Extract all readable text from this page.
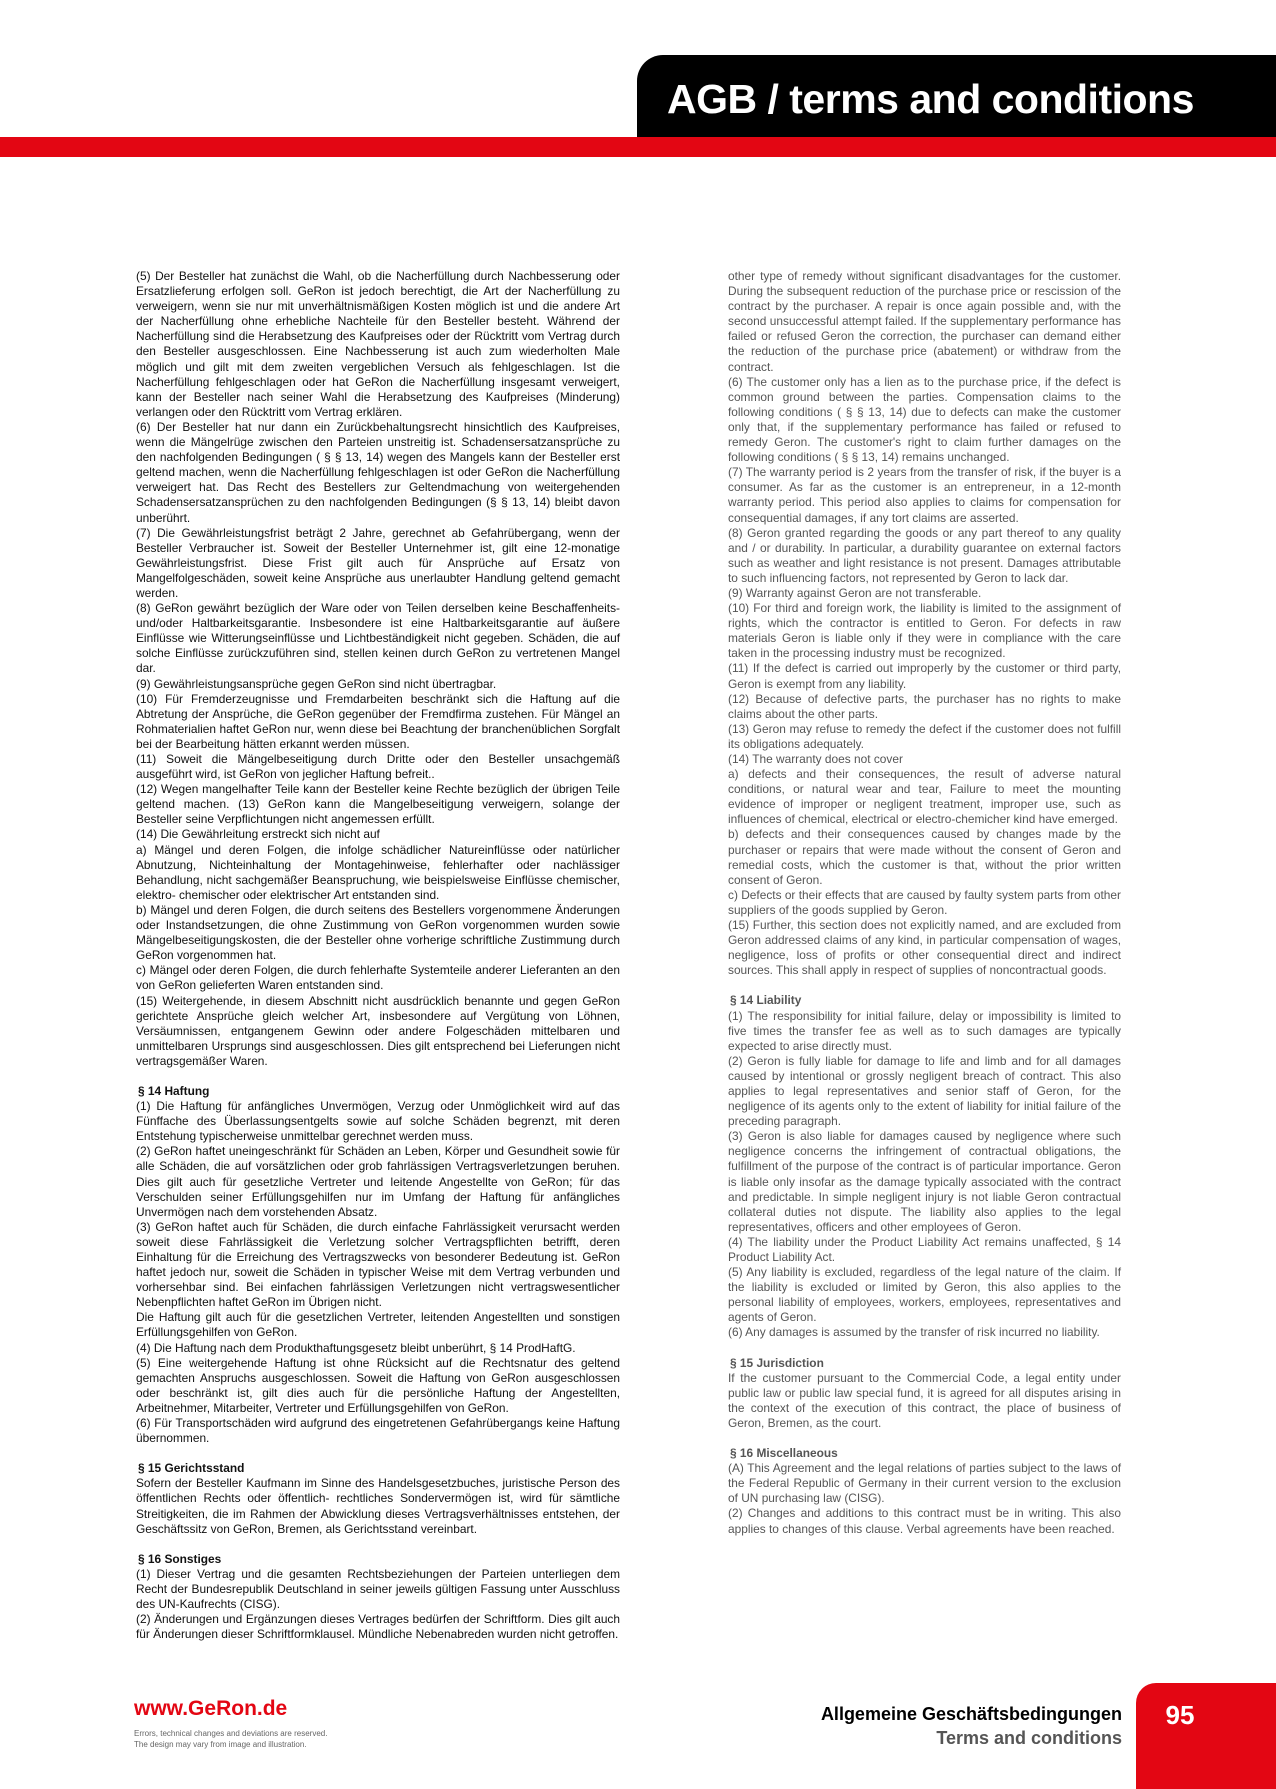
AGB / terms and conditions

(5) Der Besteller hat zunächst die Wahl, ob die Nacherfüllung durch Nachbesserung oder Ersatzlieferung erfolgen soll. GeRon ist jedoch berechtigt, die Art der Nacherfüllung zu verweigern, wenn sie nur mit unverhältnismäßigen Kosten möglich ist und die andere Art der Nacherfüllung ohne erhebliche Nachteile für den Besteller besteht. Während der Nacherfüllung sind die Herabsetzung des Kaufpreises oder der Rücktritt vom Vertrag durch den Besteller ausgeschlossen. Eine Nachbesserung ist auch zum wiederholten Male möglich und gilt mit dem zweiten vergeblichen Versuch als fehlgeschlagen. Ist die Nacherfüllung fehlgeschlagen oder hat GeRon die Nacherfüllung insgesamt verweigert, kann der Besteller nach seiner Wahl die Herabsetzung des Kaufpreises (Minderung) verlangen oder den Rücktritt vom Vertrag erklären.

(6) Der Besteller hat nur dann ein Zurückbehaltungsrecht hinsichtlich des Kaufpreises, wenn die Mängelrüge zwischen den Parteien unstreitig ist. Schadensersatzansprüche zu den nachfolgenden Bedingungen ( § § 13, 14) wegen des Mangels kann der Besteller erst geltend machen, wenn die Nacherfüllung fehlgeschlagen ist oder GeRon die Nacherfüllung verweigert hat. Das Recht des Bestellers zur Geltendmachung von weitergehenden Schadensersatzansprüchen zu den nachfolgenden Bedingungen (§ § 13, 14) bleibt davon unberührt.

(7) Die Gewährleistungsfrist beträgt 2 Jahre, gerechnet ab Gefahrübergang, wenn der Besteller Verbraucher ist. Soweit der Besteller Unternehmer ist, gilt eine 12-monatige Gewährleistungsfrist. Diese Frist gilt auch für Ansprüche auf Ersatz von Mangelfolgeschäden, soweit keine Ansprüche aus unerlaubter Handlung geltend gemacht werden.

(8) GeRon gewährt bezüglich der Ware oder von Teilen derselben keine Beschaffenheits- und/oder Haltbarkeitsgarantie. Insbesondere ist eine Haltbarkeitsgarantie auf äußere Einflüsse wie Witterungseinflüsse und Lichtbeständigkeit nicht gegeben. Schäden, die auf solche Einflüsse zurückzuführen sind, stellen keinen durch GeRon zu vertretenen Mangel dar.

(9) Gewährleistungsansprüche gegen GeRon sind nicht übertragbar.

(10) Für Fremderzeugnisse und Fremdarbeiten beschränkt sich die Haftung auf die Abtretung der Ansprüche, die GeRon gegenüber der Fremdfirma zustehen. Für Mängel an Rohmaterialien haftet GeRon nur, wenn diese bei Beachtung der branchenüblichen Sorgfalt bei der Bearbeitung hätten erkannt werden müssen.

(11) Soweit die Mängelbeseitigung durch Dritte oder den Besteller unsachgemäß ausgeführt wird, ist GeRon von jeglicher Haftung befreit..

(12) Wegen mangelhafter Teile kann der Besteller keine Rechte bezüglich der übrigen Teile geltend machen. (13) GeRon kann die Mangelbeseitigung verweigern, solange der Besteller seine Verpflichtungen nicht angemessen erfüllt.

(14) Die Gewährleitung erstreckt sich nicht auf

a) Mängel und deren Folgen, die infolge schädlicher Natureinflüsse oder natürlicher Abnutzung, Nichteinhaltung der Montagehinweise, fehlerhafter oder nachlässiger Behandlung, nicht sachgemäßer Beanspruchung, wie beispielsweise Einflüsse chemischer, elektro- chemischer oder elektrischer Art entstanden sind.

b) Mängel und deren Folgen, die durch seitens des Bestellers vorgenommene Änderungen oder Instandsetzungen, die ohne Zustimmung von GeRon vorgenommen wurden sowie Mängelbeseitigungskosten, die der Besteller ohne vorherige schriftliche Zustimmung durch GeRon vorgenommen hat.

c) Mängel oder deren Folgen, die durch fehlerhafte Systemteile anderer Lieferanten an den von GeRon gelieferten Waren entstanden sind.

(15) Weitergehende, in diesem Abschnitt nicht ausdrücklich benannte und gegen GeRon gerichtete Ansprüche gleich welcher Art, insbesondere auf Vergütung von Löhnen, Versäumnissen, entgangenem Gewinn oder andere Folgeschäden mittelbaren und unmittelbaren Ursprungs sind ausgeschlossen. Dies gilt entsprechend bei Lieferungen nicht vertragsgemäßer Waren.

§ 14 Haftung

(1) Die Haftung für anfängliches Unvermögen, Verzug oder Unmöglichkeit wird auf das Fünffache des Überlassungsentgelts sowie auf solche Schäden begrenzt, mit deren Entstehung typischerweise unmittelbar gerechnet werden muss.

(2) GeRon haftet uneingeschränkt für Schäden an Leben, Körper und Gesundheit sowie für alle Schäden, die auf vorsätzlichen oder grob fahrlässigen Vertragsverletzungen beruhen. Dies gilt auch für gesetzliche Vertreter und leitende Angestellte von GeRon; für das Verschulden seiner Erfüllungsgehilfen nur im Umfang der Haftung für anfängliches Unvermögen nach dem vorstehenden Absatz.

(3) GeRon haftet auch für Schäden, die durch einfache Fahrlässigkeit verursacht werden soweit diese Fahrlässigkeit die Verletzung solcher Vertragspflichten betrifft, deren Einhaltung für die Erreichung des Vertragszwecks von besonderer Bedeutung ist. GeRon haftet jedoch nur, soweit die Schäden in typischer Weise mit dem Vertrag verbunden und vorhersehbar sind. Bei einfachen fahrlässigen Verletzungen nicht vertragswesentlicher Nebenpflichten haftet GeRon im Übrigen nicht.

Die Haftung gilt auch für die gesetzlichen Vertreter, leitenden Angestellten und sonstigen Erfüllungsgehilfen von GeRon.

(4) Die Haftung nach dem Produkthaftungsgesetz bleibt unberührt, § 14 ProdHaftG.

(5) Eine weitergehende Haftung ist ohne Rücksicht auf die Rechtsnatur des geltend gemachten Anspruchs ausgeschlossen. Soweit die Haftung von GeRon ausgeschlossen oder beschränkt ist, gilt dies auch für die persönliche Haftung der Angestellten, Arbeitnehmer, Mitarbeiter, Vertreter und Erfüllungsgehilfen von GeRon.

(6) Für Transportschäden wird aufgrund des eingetretenen Gefahrübergangs keine Haftung übernommen.

§ 15 Gerichtsstand

Sofern der Besteller Kaufmann im Sinne des Handelsgesetzbuches, juristische Person des öffentlichen Rechts oder öffentlich- rechtliches Sondervermögen ist, wird für sämtliche Streitigkeiten, die im Rahmen der Abwicklung dieses Vertragsverhältnisses entstehen, der Geschäftssitz von GeRon, Bremen, als Gerichtsstand vereinbart.

§ 16 Sonstiges

(1) Dieser Vertrag und die gesamten Rechtsbeziehungen der Parteien unterliegen dem Recht der Bundesrepublik Deutschland in seiner jeweils gültigen Fassung unter Ausschluss des UN-Kaufrechts (CISG).

(2) Änderungen und Ergänzungen dieses Vertrages bedürfen der Schriftform. Dies gilt auch für Änderungen dieser Schriftformklausel. Mündliche Nebenabreden wurden nicht getroffen.

other type of remedy without significant disadvantages for the customer. During the subsequent reduction of the purchase price or rescission of the contract by the purchaser. A repair is once again possible and, with the second unsuccessful attempt failed. If the supplementary performance has failed or refused Geron the correction, the purchaser can demand either the reduction of the purchase price (abatement) or withdraw from the contract.

(6) The customer only has a lien as to the purchase price, if the defect is common ground between the parties. Compensation claims to the following conditions ( § § 13, 14) due to defects can make the customer only that, if the supplementary performance has failed or refused to remedy Geron. The customer's right to claim further damages on the following conditions ( § § 13, 14) remains unchanged.

(7) The warranty period is 2 years from the transfer of risk, if the buyer is a consumer. As far as the customer is an entrepreneur, in a 12-month warranty period. This period also applies to claims for compensation for consequential damages, if any tort claims are asserted.

(8) Geron granted regarding the goods or any part thereof to any quality and / or durability. In particular, a durability guarantee on external factors such as weather and light resistance is not present. Damages attributable to such influencing factors, not represented by Geron to lack dar.

(9) Warranty against Geron are not transferable.

(10) For third and foreign work, the liability is limited to the assignment of rights, which the contractor is entitled to Geron. For defects in raw materials Geron is liable only if they were in compliance with the care taken in the processing industry must be recognized.

(11) If the defect is carried out improperly by the customer or third party, Geron is exempt from any liability.

(12) Because of defective parts, the purchaser has no rights to make claims about the other parts.

(13) Geron may refuse to remedy the defect if the customer does not fulfill its obligations adequately.

(14) The warranty does not cover

a) defects and their consequences, the result of adverse natural conditions, or natural wear and tear, Failure to meet the mounting evidence of improper or negligent treatment, improper use, such as influences of chemical, electrical or electro-chemicher kind have emerged.

b) defects and their consequences caused by changes made by the purchaser or repairs that were made without the consent of Geron and remedial costs, which the customer is that, without the prior written consent of Geron.

c) Defects or their effects that are caused by faulty system parts from other suppliers of the goods supplied by Geron.

(15) Further, this section does not explicitly named, and are excluded from Geron addressed claims of any kind, in particular compensation of wages, negligence, loss of profits or other consequential direct and indirect sources. This shall apply in respect of supplies of noncontractual goods.

§ 14 Liability

(1) The responsibility for initial failure, delay or impossibility is limited to five times the transfer fee as well as to such damages are typically expected to arise directly must.

(2) Geron is fully liable for damage to life and limb and for all damages caused by intentional or grossly negligent breach of contract. This also applies to legal representatives and senior staff of Geron, for the negligence of its agents only to the extent of liability for initial failure of the preceding paragraph.

(3) Geron is also liable for damages caused by negligence where such negligence concerns the infringement of contractual obligations, the fulfillment of the purpose of the contract is of particular importance. Geron is liable only insofar as the damage typically associated with the contract and predictable. In simple negligent injury is not liable Geron contractual collateral duties not dispute. The liability also applies to the legal representatives, officers and other employees of Geron.

(4) The liability under the Product Liability Act remains unaffected, § 14 Product Liability Act.

(5) Any liability is excluded, regardless of the legal nature of the claim. If the liability is excluded or limited by Geron, this also applies to the personal liability of employees, workers, employees, representatives and agents of Geron.

(6) Any damages is assumed by the transfer of risk incurred no liability.

§ 15 Jurisdiction

If the customer pursuant to the Commercial Code, a legal entity under public law or public law special fund, it is agreed for all disputes arising in the context of the execution of this contract, the place of business of Geron, Bremen, as the court.

§ 16 Miscellaneous

(A) This Agreement and the legal relations of parties subject to the laws of the Federal Republic of Germany in their current version to the exclusion of UN purchasing law (CISG).

(2) Changes and additions to this contract must be in writing. This also applies to changes of this clause. Verbal agreements have been reached.

www.GeRon.de
Errors, technical changes and deviations are reserved.
The design may vary from image and illustration.
Allgemeine Geschäftsbedingungen
Terms and conditions
95
